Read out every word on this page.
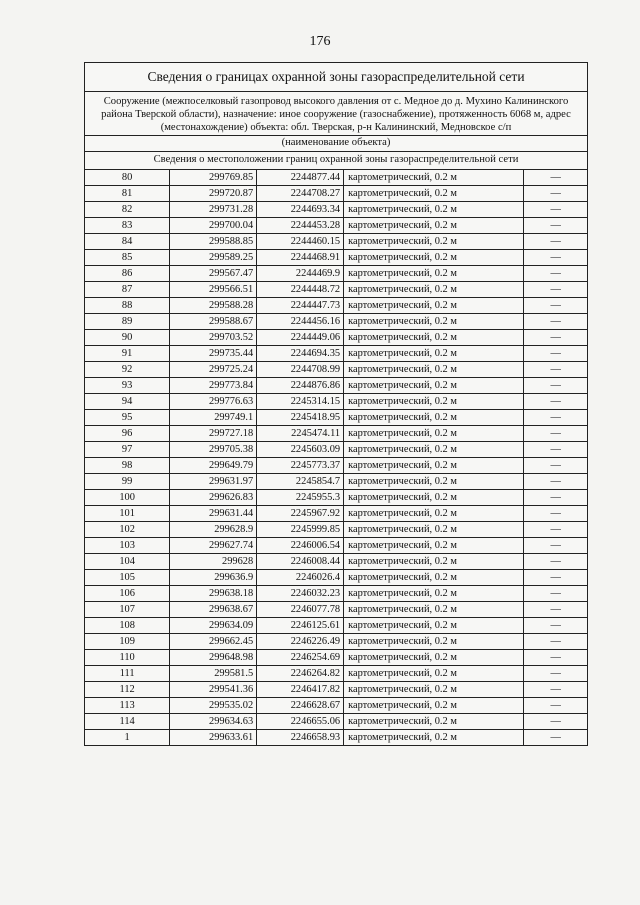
176
Сведения о границах охранной зоны газораспределительной сети
Сооружение (межпоселковый газопровод высокого давления от с. Медное до д. Мухино Калининского района Тверской области), назначение: иное сооружение (газоснабжение), протяженность 6068 м, адрес (местонахождение) объекта: обл. Тверская, р-н Калининский, Медновское с/п
(наименование объекта)
Сведения о местоположении границ охранной зоны газораспределительной сети
80	299769.85	2244877.44	картометрический, 0.2 м	—
81	299720.87	2244708.27	картометрический, 0.2 м	—
82	299731.28	2244693.34	картометрический, 0.2 м	—
83	299700.04	2244453.28	картометрический, 0.2 м	—
84	299588.85	2244460.15	картометрический, 0.2 м	—
85	299589.25	2244468.91	картометрический, 0.2 м	—
86	299567.47	2244469.9	картометрический, 0.2 м	—
87	299566.51	2244448.72	картометрический, 0.2 м	—
88	299588.28	2244447.73	картометрический, 0.2 м	—
89	299588.67	2244456.16	картометрический, 0.2 м	—
90	299703.52	2244449.06	картометрический, 0.2 м	—
91	299735.44	2244694.35	картометрический, 0.2 м	—
92	299725.24	2244708.99	картометрический, 0.2 м	—
93	299773.84	2244876.86	картометрический, 0.2 м	—
94	299776.63	2245314.15	картометрический, 0.2 м	—
95	299749.1	2245418.95	картометрический, 0.2 м	—
96	299727.18	2245474.11	картометрический, 0.2 м	—
97	299705.38	2245603.09	картометрический, 0.2 м	—
98	299649.79	2245773.37	картометрический, 0.2 м	—
99	299631.97	2245854.7	картометрический, 0.2 м	—
100	299626.83	2245955.3	картометрический, 0.2 м	—
101	299631.44	2245967.92	картометрический, 0.2 м	—
102	299628.9	2245999.85	картометрический, 0.2 м	—
103	299627.74	2246006.54	картометрический, 0.2 м	—
104	299628	2246008.44	картометрический, 0.2 м	—
105	299636.9	2246026.4	картометрический, 0.2 м	—
106	299638.18	2246032.23	картометрический, 0.2 м	—
107	299638.67	2246077.78	картометрический, 0.2 м	—
108	299634.09	2246125.61	картометрический, 0.2 м	—
109	299662.45	2246226.49	картометрический, 0.2 м	—
110	299648.98	2246254.69	картометрический, 0.2 м	—
111	299581.5	2246264.82	картометрический, 0.2 м	—
112	299541.36	2246417.82	картометрический, 0.2 м	—
113	299535.02	2246628.67	картометрический, 0.2 м	—
114	299634.63	2246655.06	картометрический, 0.2 м	—
1	299633.61	2246658.93	картометрический, 0.2 м	—
